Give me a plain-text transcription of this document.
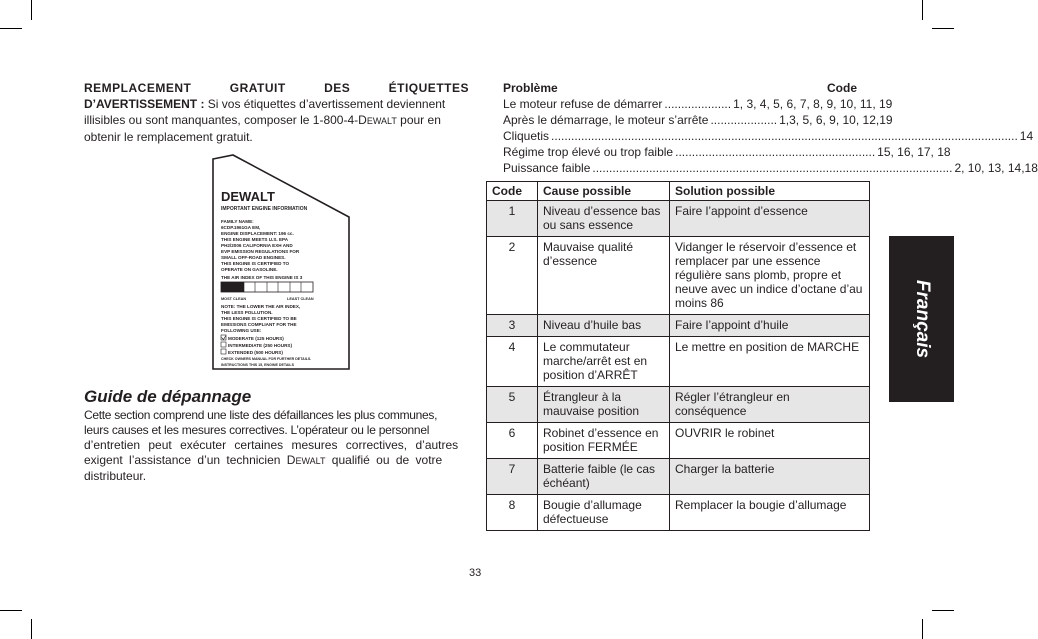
REMPLACEMENT	GRATUIT	DES	ÉTIQUETTES
D’AVERTISSEMENT : Si vos étiquettes d’avertissement deviennent
illisibles ou sont manquantes, composer le 1-800-4-DEWALT pour en
obtenir le remplacement gratuit.
DEWALT
IMPORTANT ENGINE INFORMATION
FAMILY NAME:
6CDP.1961GA EM,
ENGINE DISPLACEMENT: 196 cc.
THIS ENGINE MEETS U.S. EPA
PH2/2006 CALIFORNIA EXH AND
EVP EMISSION REGULATIONS FOR
SMALL OFF-ROAD ENGINES.
THIS ENGINE IS CERTIFIED TO
OPERATE ON GASOLINE.
THE AIR INDEX OF THIS ENGINE IS 3
MOST CLEAN	LEAST CLEAN
NOTE: THE LOWER THE AIR INDEX,
THE LESS POLLUTION.
THIS ENGINE IS CERTIFIED TO BE
EMISSIONS COMPLIANT FOR THE
FOLLOWING USE:
MODERATE (125 HOURS)
INTERMEDIATE (250 HOURS)
EXTENDED (500 HOURS)
CHECK OWNERS MANUAL FOR FURTHER DETAILS.
INSTRUCTIONS THIS 15, ENGINE DETAILS
Guide de dépannage
Cette section comprend une liste des défaillances les plus communes,
leurs causes et les mesures correctives. L’opérateur ou le personnel
d’entretien peut exécuter certaines mesures correctives, d’autres
exigent l’assistance d’un technicien DEWALT qualifié ou de votre
distributeur.
Problème	Code
Le moteur refuse de démarrer .................... 1, 3, 4, 5, 6, 7, 8, 9, 10, 11, 19
Après le démarrage, le moteur s’arrête .................... 1,3, 5, 6, 9, 10, 12,19
Cliquetis ............................................................................................................................................ 14
Régime trop élevé ou trop faible ............................................................ 15, 16, 17, 18
Puissance faible ............................................................................................................ 2, 10, 13, 14,18
Code	Cause possible	Solution possible
1	Niveau d’essence bas ou sans essence	Faire l’appoint d’essence
2	Mauvaise qualité d’essence	Vidanger le réservoir d’essence et remplacer par une essence régulière sans plomb, propre et neuve avec un indice d’octane d’au moins 86
3	Niveau d’huile bas	Faire l’appoint d’huile
4	Le commutateur marche/arrêt est en position d’ARRÊT	Le mettre en position de MARCHE
5	Étrangleur à la mauvaise position	Régler l’étrangleur en conséquence
6	Robinet d’essence en position FERMÉE	OUVRIR le robinet
7	Batterie faible (le cas échéant)	Charger la batterie
8	Bougie d’allumage défectueuse	Remplacer la bougie d’allumage
Français
33
